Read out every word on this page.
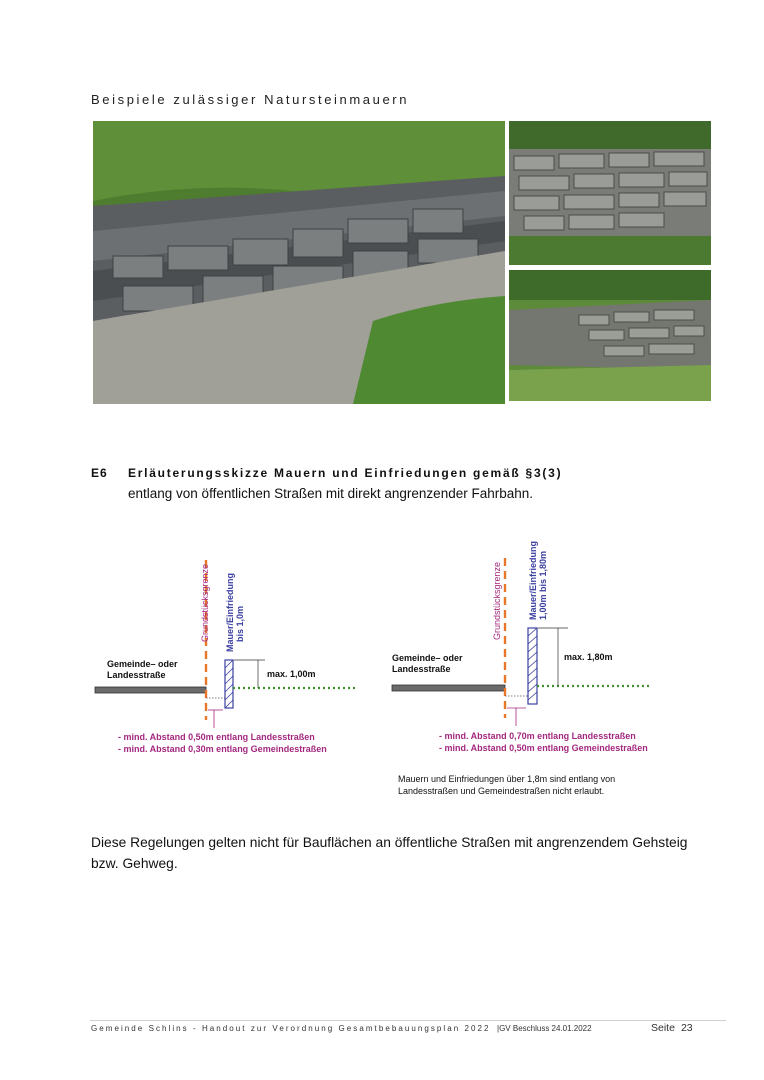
Beispiele zulässiger Natursteinmauern
E6 Erläuterungsskizze Mauern und Einfriedungen gemäß §3(3)
entlang von öffentlichen Straßen mit direkt angrenzender Fahrbahn.
Grundstücksgrenze Mauer/Einfriedung bis 1,0m
Gemeinde– oder
Landesstraße	max. 1,00m
- mind. Abstand 0,50m entlang Landesstraßen
- mind. Abstand 0,30m entlang Gemeindestraßen
Grundstücksgrenze	Mauer/Einfriedung 1,00m bis 1,80m
Gemeinde– oder
Landesstraße
max. 1,80m
- mind. Abstand 0,70m entlang Landesstraßen
- mind. Abstand 0,50m entlang Gemeindestraßen
Mauern und Einfriedungen über 1,8m sind entlang von
Landesstraßen und Gemeindestraßen nicht erlaubt.
Diese Regelungen gelten nicht für Bauflächen an öffentliche Straßen mit angrenzendem Gehsteig bzw. Gehweg.
Gemeinde Schlins - Handout zur Verordnung Gesamtbebauungsplan 2022 |GV Beschluss 24.01.2022	Seite 23
